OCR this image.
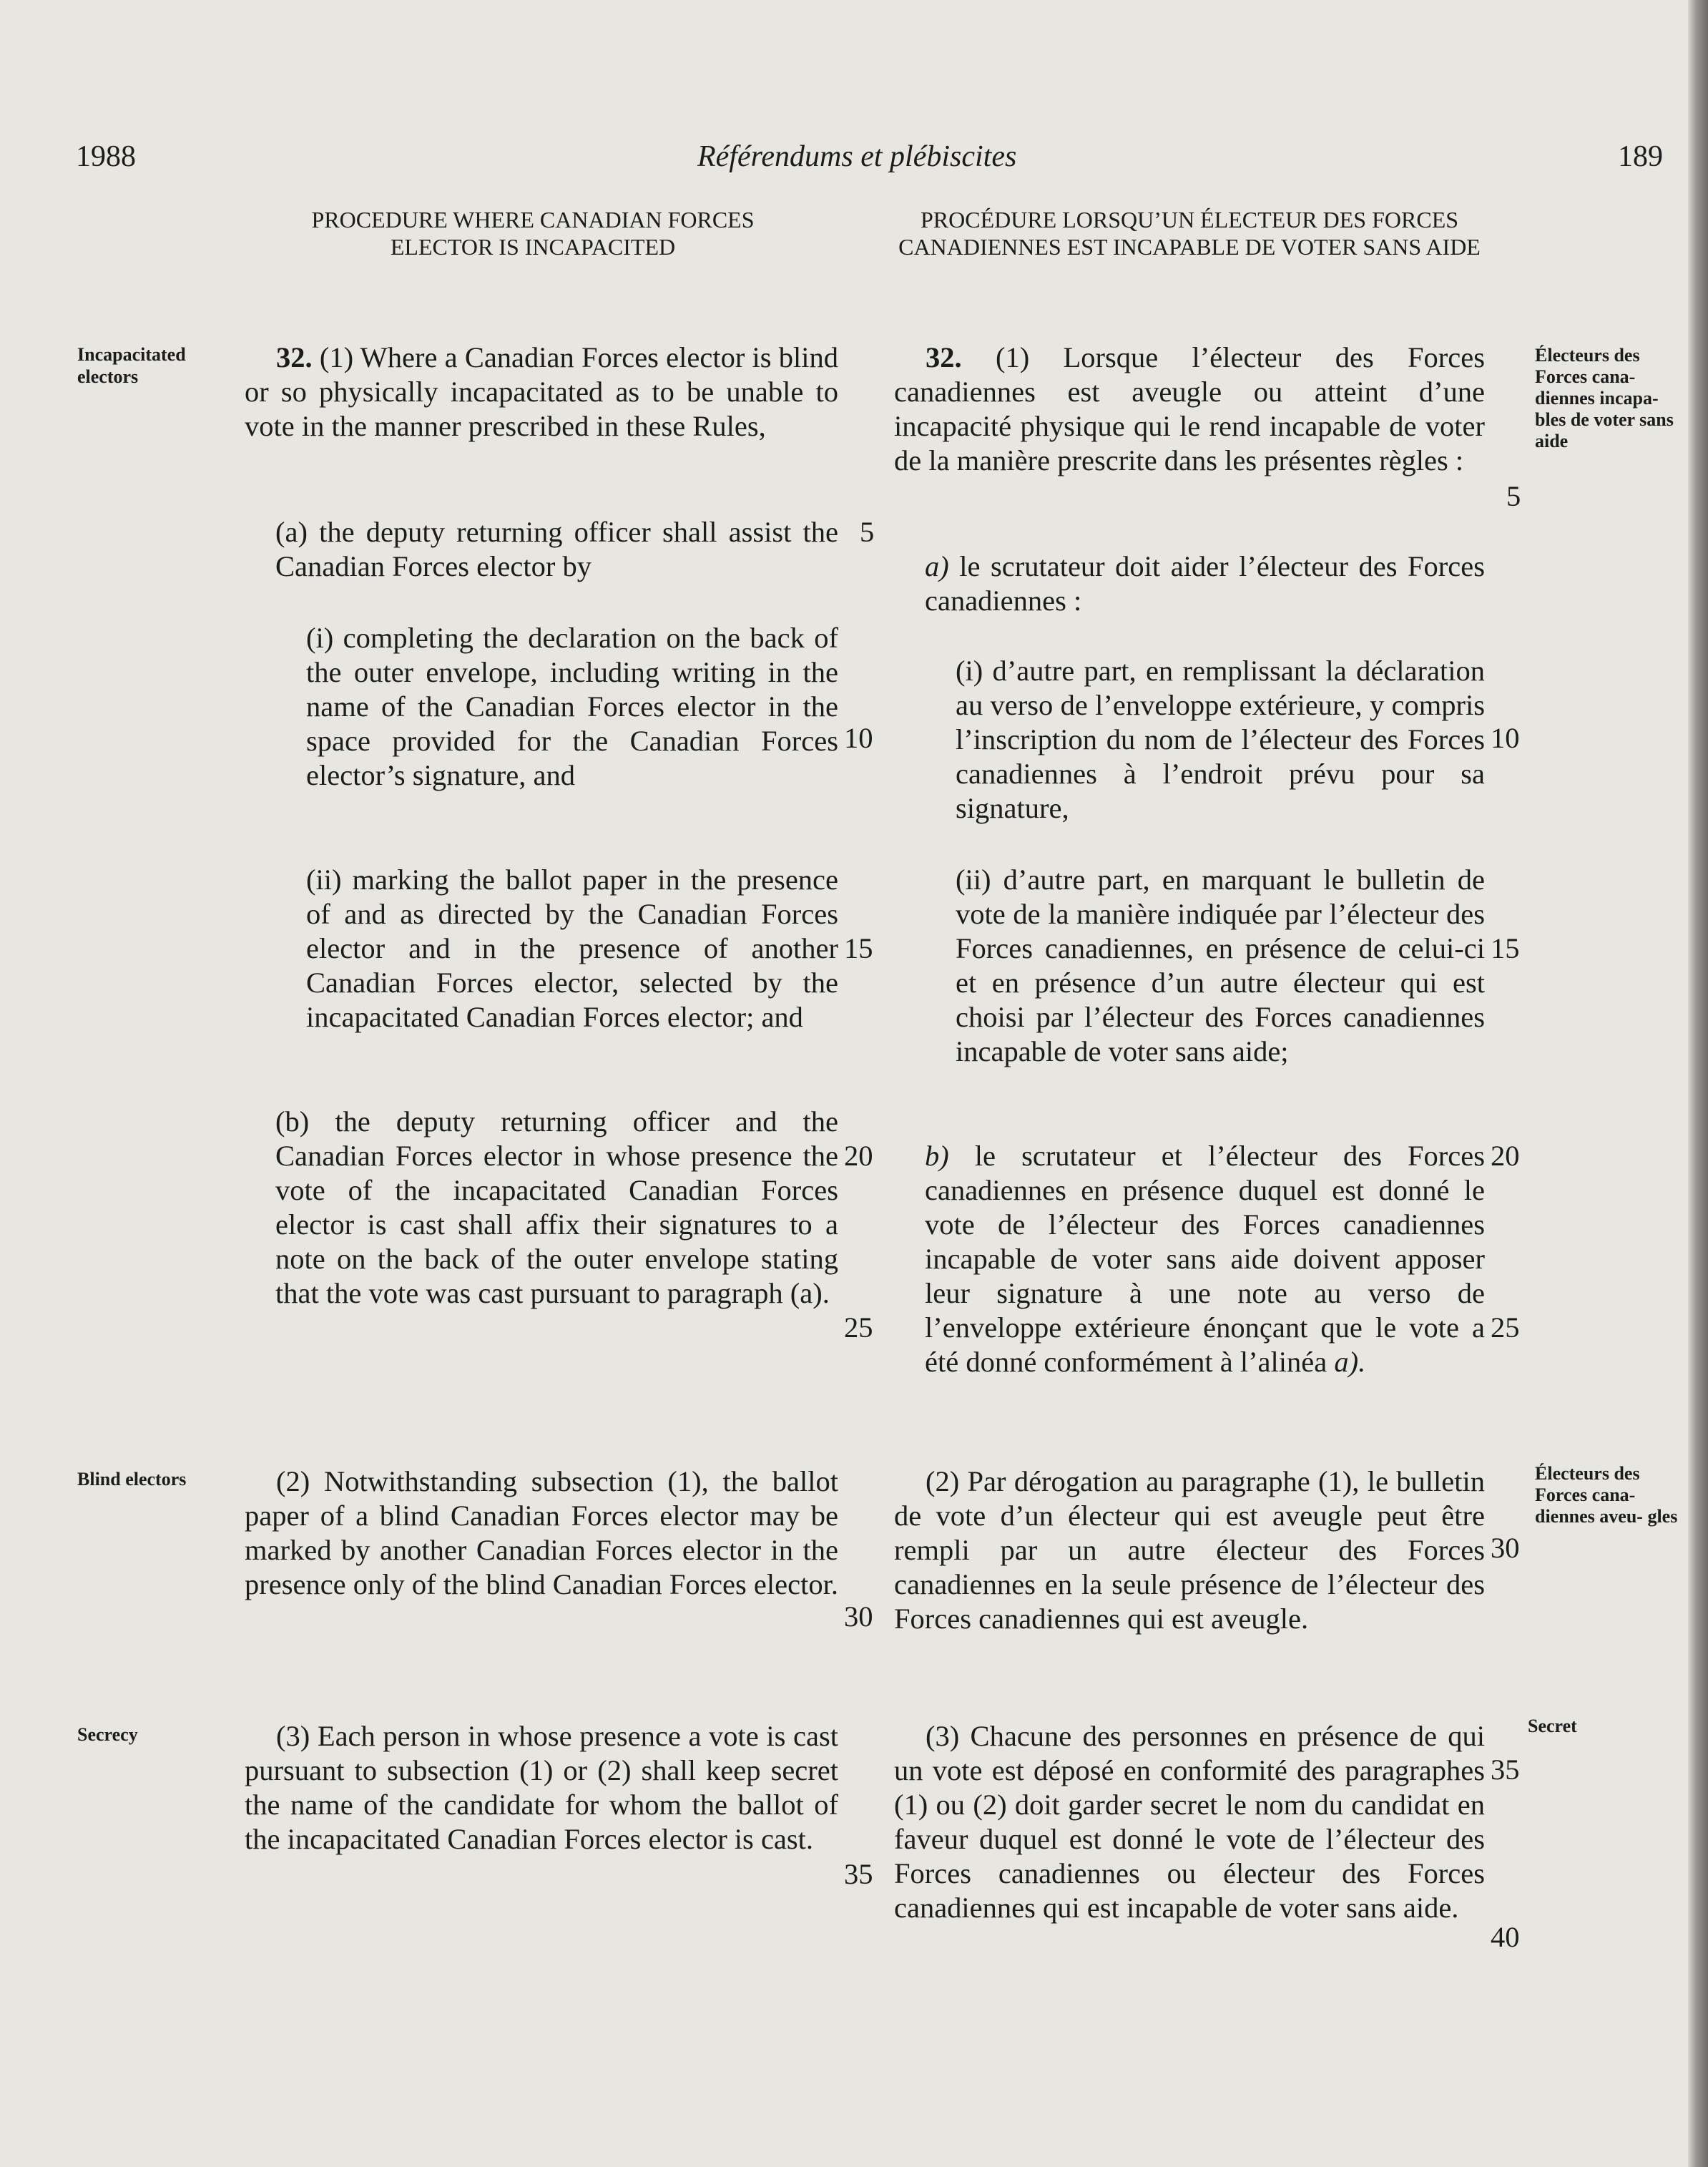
1988	Référendums et plébiscites	189
PROCEDURE WHERE CANADIAN FORCES ELECTOR IS INCAPACITED
PROCÉDURE LORSQU’UN ÉLECTEUR DES FORCES CANADIENNES EST INCAPABLE DE VOTER SANS AIDE
Incapacitated electors
Blind electors
Secrecy
Électeurs des Forces cana- diennes incapa- bles de voter sans aide
Électeurs des Forces cana- diennes aveu- gles
Secret

32. (1) Where a Canadian Forces elector is blind or so physically incapacitated as to be unable to vote in the manner prescribed in these Rules,

(a) the deputy returning officer shall assist the Canadian Forces elector by

(i) completing the declaration on the back of the outer envelope, including writing in the name of the Canadian Forces elector in the space provided for the Canadian Forces elector’s signature, and

(ii) marking the ballot paper in the presence of and as directed by the Canadian Forces elector and in the presence of another Canadian Forces elector, selected by the incapacitated Canadian Forces elector; and

(b) the deputy returning officer and the Canadian Forces elector in whose presence the vote of the incapacitated Canadian Forces elector is cast shall affix their signatures to a note on the back of the outer envelope stating that the vote was cast pursuant to paragraph (a).

(2) Notwithstanding subsection (1), the ballot paper of a blind Canadian Forces elector may be marked by another Canadian Forces elector in the presence only of the blind Canadian Forces elector.

(3) Each person in whose presence a vote is cast pursuant to subsection (1) or (2) shall keep secret the name of the candidate for whom the ballot of the incapacitated Canadian Forces elector is cast.

5
10
15
20
25
30
35

32. (1) Lorsque l’électeur des Forces canadiennes est aveugle ou atteint d’une incapacité physique qui le rend incapable de voter de la manière prescrite dans les présentes règles :

a) le scrutateur doit aider l’électeur des Forces canadiennes :

(i) d’autre part, en remplissant la déclaration au verso de l’enveloppe extérieure, y compris l’inscription du nom de l’électeur des Forces canadiennes à l’endroit prévu pour sa signature,

(ii) d’autre part, en marquant le bulletin de vote de la manière indiquée par l’électeur des Forces canadiennes, en présence de celui-ci et en présence d’un autre électeur qui est choisi par l’électeur des Forces canadiennes incapable de voter sans aide;

b) le scrutateur et l’électeur des Forces canadiennes en présence duquel est donné le vote de l’électeur des Forces canadiennes incapable de voter sans aide doivent apposer leur signature à une note au verso de l’enveloppe extérieure énonçant que le vote a été donné conformément à l’alinéa a).

(2) Par dérogation au paragraphe (1), le bulletin de vote d’un électeur qui est aveugle peut être rempli par un autre électeur des Forces canadiennes en la seule présence de l’électeur des Forces canadiennes qui est aveugle.

(3) Chacune des personnes en présence de qui un vote est déposé en conformité des paragraphes (1) ou (2) doit garder secret le nom du candidat en faveur duquel est donné le vote de l’électeur des Forces canadiennes ou électeur des Forces canadiennes qui est incapable de voter sans aide.

5
10
15
20
25
30
35
40
